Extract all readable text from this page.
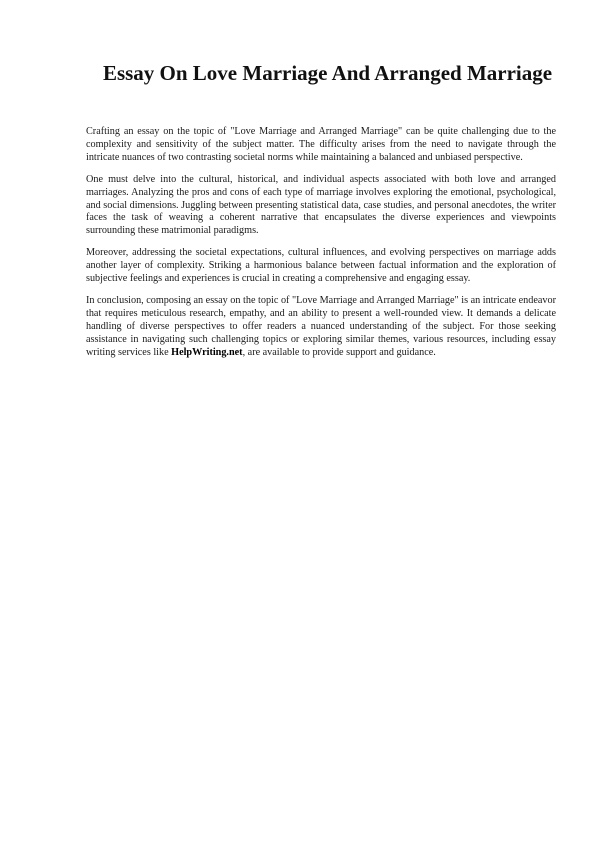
Essay On Love Marriage And Arranged Marriage

Crafting an essay on the topic of "Love Marriage and Arranged Marriage" can be quite challenging due to the complexity and sensitivity of the subject matter. The difficulty arises from the need to navigate through the intricate nuances of two contrasting societal norms while maintaining a balanced and unbiased perspective.

One must delve into the cultural, historical, and individual aspects associated with both love and arranged marriages. Analyzing the pros and cons of each type of marriage involves exploring the emotional, psychological, and social dimensions. Juggling between presenting statistical data, case studies, and personal anecdotes, the writer faces the task of weaving a coherent narrative that encapsulates the diverse experiences and viewpoints surrounding these matrimonial paradigms.

Moreover, addressing the societal expectations, cultural influences, and evolving perspectives on marriage adds another layer of complexity. Striking a harmonious balance between factual information and the exploration of subjective feelings and experiences is crucial in creating a comprehensive and engaging essay.

In conclusion, composing an essay on the topic of "Love Marriage and Arranged Marriage" is an intricate endeavor that requires meticulous research, empathy, and an ability to present a well-rounded view. It demands a delicate handling of diverse perspectives to offer readers a nuanced understanding of the subject. For those seeking assistance in navigating such challenging topics or exploring similar themes, various resources, including essay writing services like HelpWriting.net, are available to provide support and guidance.
